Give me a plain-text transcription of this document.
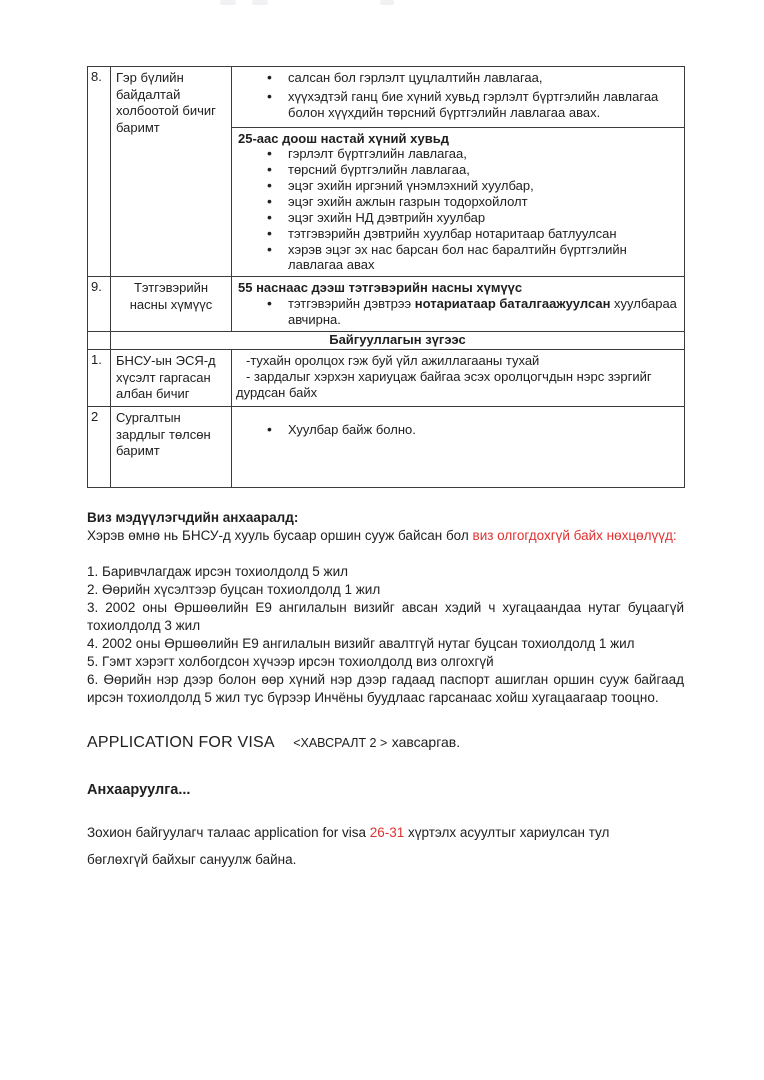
8.	Гэр бүлийн байдалтай холбоотой бичиг баримт	
• салсан бол гэрлэлт цуцлалтийн лавлагаа,
• хүүхэдтэй ганц бие хүний хувьд гэрлэлт бүртгэлийн лавлагаа болон хүүхдийн төрсний бүртгэлийн лавлагаа авах.

25-аас доош настай хүний хувьд
• гэрлэлт бүртгэлийн лавлагаа,
• төрсний бүртгэлийн лавлагаа,
• эцэг эхийн иргэний үнэмлэхний хуулбар,
• эцэг эхийн ажлын газрын тодорхойлолт
• эцэг эхийн НД дэвтрийн хуулбар
• тэтгэвэрийн дэвтрийн хуулбар нотаритаар батлуулсан
• хэрэв эцэг эх нас барсан бол нас баралтийн бүртгэлийн лавлагаа авах

9.	Тэтгэвэрийн насны хүмүүс	
55 наснаас дээш тэтгэвэрийн насны хүмүүс
• тэтгэвэрийн дэвтрээ нотариатаар баталгаажуулсан хуулбараа авчирна.

	Байгууллагын зүгээс	
1.	БНСУ-ын ЭСЯ-д хүсэлт гаргасан албан бичиг	-тухайн оролцох гэж буй үйл ажиллагааны тухай

- зардалыг хэрхэн хариуцаж байгаа эсэх оролцогчдын нэрс зэргийг дурдсан байх

2	Сургалтын зардлыг төлсөн баримт	
• Хуулбар байж болно.

Виз мэдүүлэгчдийн анхааралд:

Хэрэв өмнө нь БНСУ-д хууль бусаар оршин сууж байсан бол виз олгогдохгүй байх нөхцөлүүд:

1. Баривчлагдаж ирсэн тохиолдолд 5 жил

2. Өөрийн хүсэлтээр буцсан тохиолдолд 1 жил

3. 2002 оны Өршөөлийн Е9 ангилалын визийг авсан хэдий ч хугацаандаа нутаг буцаагүй тохиолдолд 3 жил

4. 2002 оны Өршөөлийн Е9 ангилалын визийг авалтгүй нутаг буцсан тохиолдолд 1 жил

5. Гэмт хэрэгт холбогдсон хүчээр ирсэн тохиолдолд виз олгохгүй

6. Өөрийн нэр дээр болон өөр хүний нэр дээр гадаад паспорт ашиглан оршин сууж байгаад ирсэн тохиолдолд 5 жил тус бүрээр Инчёны буудлаас гарсанаас хойш хугацаагаар тооцно.

APPLICATION FOR VISA <ХАВСРАЛТ 2 > хавсаргав.

Анхааруулга...

Зохион байгуулагч талаас application for visa 26-31 хүртэлх асуултыг хариулсан тул бөглөхгүй байхыг сануулж байна.
